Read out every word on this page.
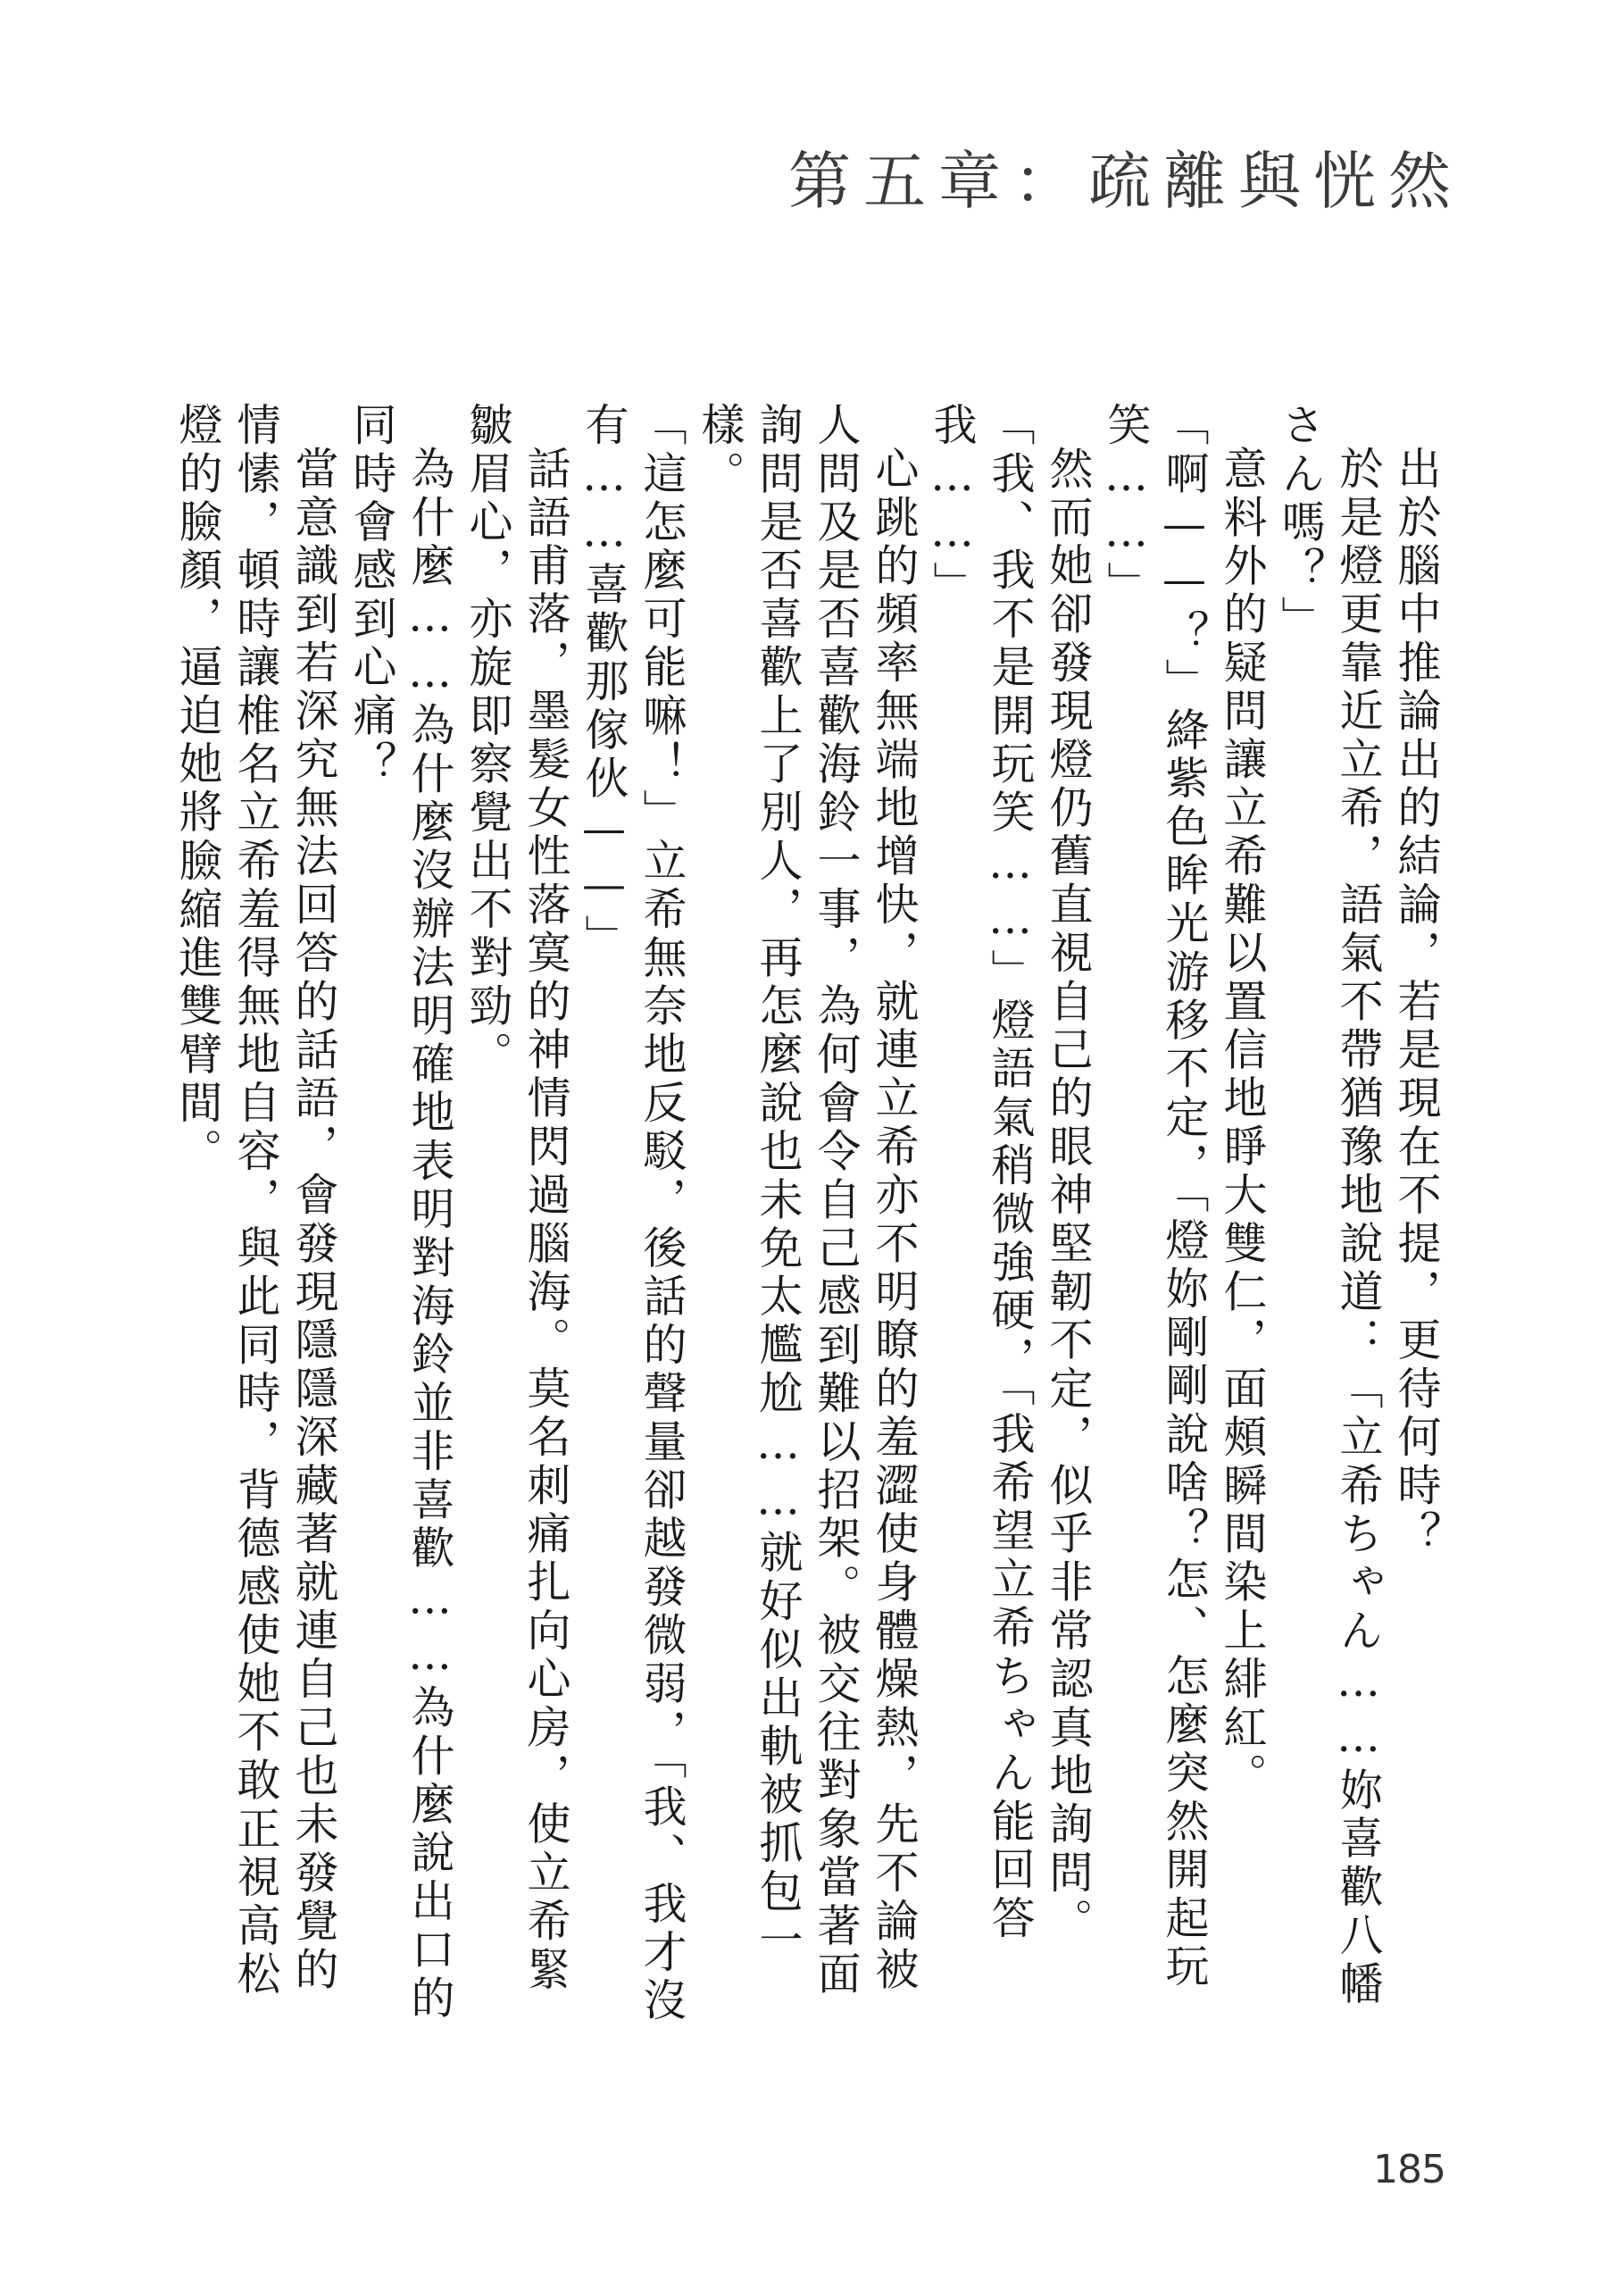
第五章：疏離與恍然

出於腦中推論出的結論，若是現在不提，更待何時？

於是燈更靠近立希，語氣不帶猶豫地說道：「立希ちゃん……妳喜歡八幡さん嗎？」

意料外的疑問讓立希難以置信地睜大雙仁，面頰瞬間染上緋紅。

「啊——？」絳紫色眸光游移不定，「燈妳剛剛說啥？怎、怎麼突然開起玩笑……」

然而她卻發現燈仍舊直視自己的眼神堅韌不定，似乎非常認真地詢問。

「我、我不是開玩笑……」燈語氣稍微強硬，「我希望立希ちゃん能回答我……」

心跳的頻率無端地增快，就連立希亦不明瞭的羞澀使身體燥熱，先不論被人問及是否喜歡海鈴一事，為何會令自己感到難以招架。被交往對象當著面詢問是否喜歡上了別人，再怎麼說也未免太尷尬……就好似出軌被抓包一樣。

「這怎麼可能嘛！」立希無奈地反駁，後話的聲量卻越發微弱，「我、我才沒有……喜歡那傢伙——」

話語甫落，墨髮女性落寞的神情閃過腦海。莫名刺痛扎向心房，使立希緊皺眉心，亦旋即察覺出不對勁。

為什麼……為什麼沒辦法明確地表明對海鈴並非喜歡……為什麼說出口的同時會感到心痛？

當意識到若深究無法回答的話語，會發現隱隱深藏著就連自己也未發覺的情愫，頓時讓椎名立希羞得無地自容，與此同時，背德感使她不敢正視高松燈的臉顏，逼迫她將臉縮進雙臂間。

185
